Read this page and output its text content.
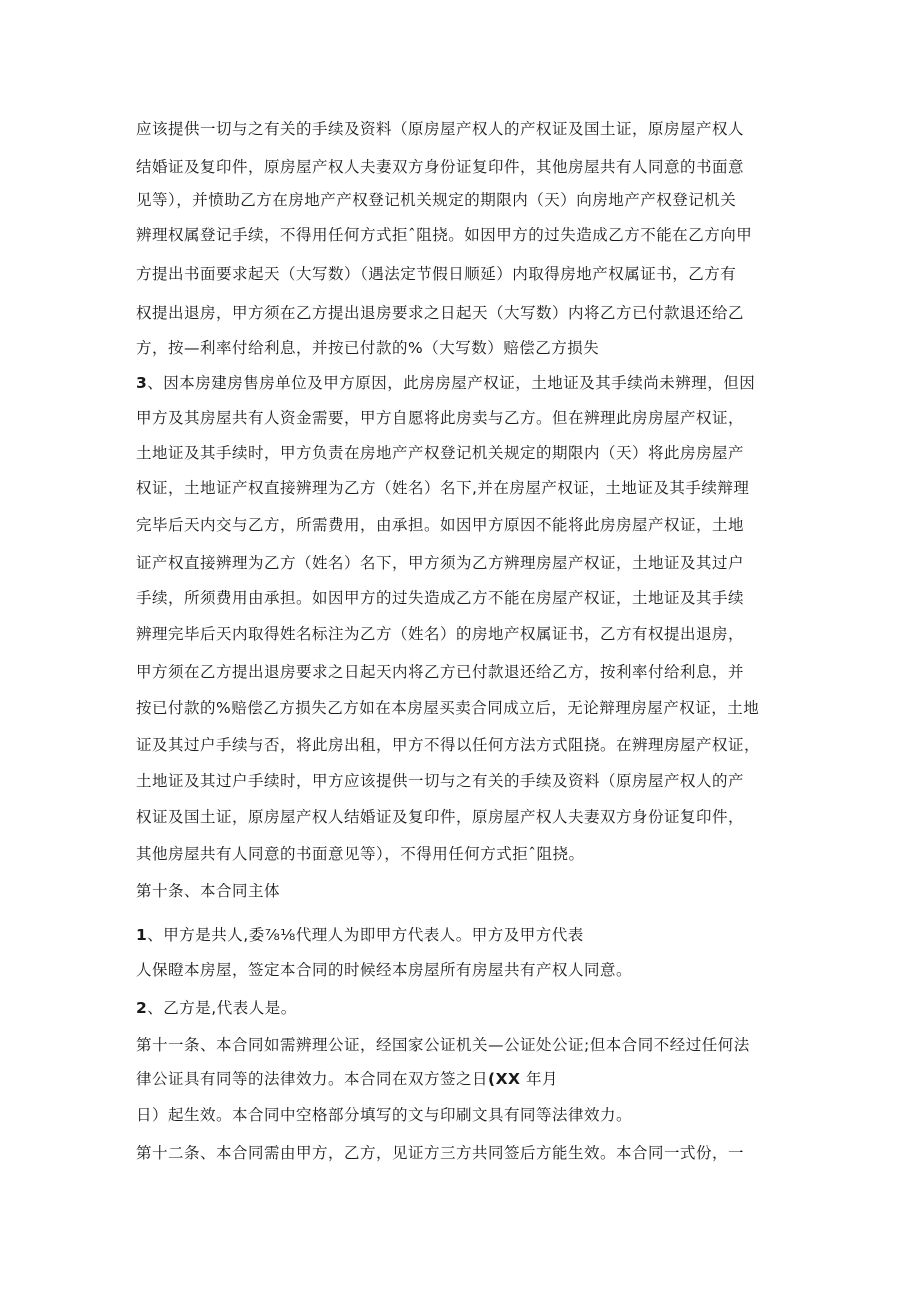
应该提供一切与之有关的手续及资料（原房屋产权人的产权证及国土证，原房屋产权人
结婚证及复印件，原房屋产权人夫妻双方身份证复印件，其他房屋共有人同意的书面意
见等），并愤助乙方在房地产产权登记机关规定的期限内（天）向房地产产权登记机关
辨理权属登记手续，不得用任何方式拒ˆ阻挠。如因甲方的过失造成乙方不能在乙方向甲
方提出书面要求起天（大写数）（遇法定节假日顺延）内取得房地产权属证书，乙方有
权提出退房，甲方须在乙方提出退房要求之日起天（大写数）内将乙方已付款退还给乙
方，按—利率付给利息，并按已付款的%（大写数）赔偿乙方损失
3、因本房建房售房单位及甲方原因，此房房屋产权证，土地证及其手续尚未辨理，但因
甲方及其房屋共有人资金需要，甲方自愿将此房卖与乙方。但在辨理此房房屋产权证，
土地证及其手续时，甲方负责在房地产产权登记机关规定的期限内（天）将此房房屋产
权证，土地证产权直接辨理为乙方（姓名）名下,并在房屋产权证，土地证及其手续辩理
完毕后天内交与乙方，所需费用，由承担。如因甲方原因不能将此房房屋产权证，土地
证产权直接辨理为乙方（姓名）名下，甲方须为乙方辨理房屋产权证，土地证及其过户
手续，所须费用由承担。如因甲方的过失造成乙方不能在房屋产权证，土地证及其手续
辨理完毕后天内取得姓名标注为乙方（姓名）的房地产权属证书，乙方有权提出退房，
甲方须在乙方提出退房要求之日起天内将乙方已付款退还给乙方，按利率付给利息，并
按已付款的%赔偿乙方损失乙方如在本房屋买卖合同成立后，无论辩理房屋产权证，土地
证及其过户手续与否，将此房出租，甲方不得以任何方法方式阻挠。在辨理房屋产权证，
土地证及其过户手续时，甲方应该提供一切与之有关的手续及资料（原房屋产权人的产
权证及国土证，原房屋产权人结婚证及复印件，原房屋产权人夫妻双方身份证复印件，
其他房屋共有人同意的书面意见等），不得用任何方式拒ˆ阻挠。
第十条、本合同主体
1、甲方是共人,委⅞⅛代理人为即甲方代表人。甲方及甲方代表
人保瞪本房屋，签定本合同的时候经本房屋所有房屋共有产权人同意。
2、乙方是,代表人是。
第十一条、本合同如需辨理公证，经国家公证机关—公证处公证;但本合同不经过任何法
律公证具有同等的法律效力。本合同在双方签之日(XX 年月
日）起生效。本合同中空格部分填写的文与印刷文具有同等法律效力。
第十二条、本合同需由甲方，乙方，见证方三方共同签后方能生效。本合同一式份，一
